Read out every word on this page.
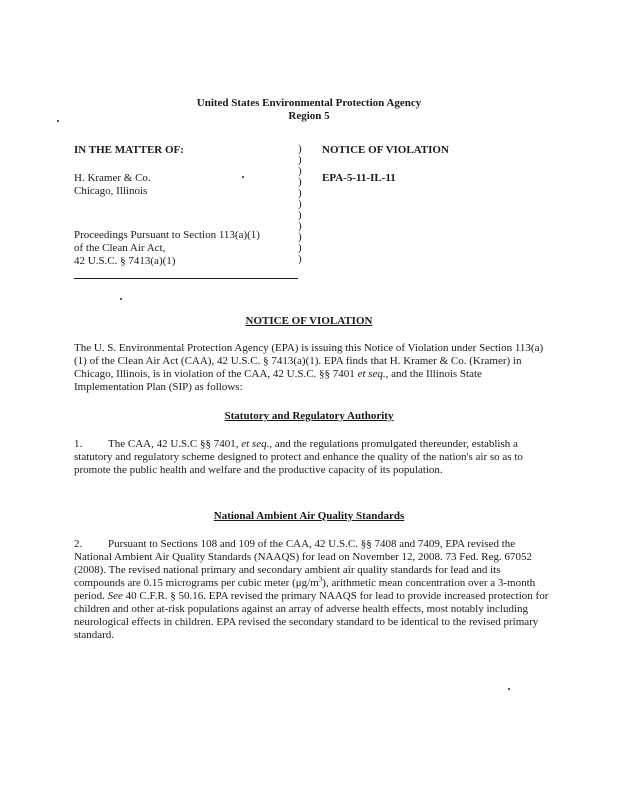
United States Environmental Protection Agency
Region 5
IN THE MATTER OF:
H. Kramer & Co.
Chicago, Illinois
Proceedings Pursuant to Section 113(a)(1)
of the Clean Air Act,
42 U.S.C. § 7413(a)(1)
)
)
)
)
)
)
)
)
)
)
)
NOTICE OF VIOLATION
EPA-5-11-IL-11
NOTICE OF VIOLATION
The U. S. Environmental Protection Agency (EPA) is issuing this Notice of Violation under Section 113(a)(1) of the Clean Air Act (CAA), 42 U.S.C. § 7413(a)(1). EPA finds that H. Kramer & Co. (Kramer) in Chicago, Illinois, is in violation of the CAA, 42 U.S.C. §§ 7401 et seq., and the Illinois State Implementation Plan (SIP) as follows:
Statutory and Regulatory Authority
1. The CAA, 42 U.S.C §§ 7401, et seq., and the regulations promulgated thereunder, establish a statutory and regulatory scheme designed to protect and enhance the quality of the nation's air so as to promote the public health and welfare and the productive capacity of its population.
National Ambient Air Quality Standards
2. Pursuant to Sections 108 and 109 of the CAA, 42 U.S.C. §§ 7408 and 7409, EPA revised the National Ambient Air Quality Standards (NAAQS) for lead on November 12, 2008. 73 Fed. Reg. 67052 (2008). The revised national primary and secondary ambient air quality standards for lead and its compounds are 0.15 micrograms per cubic meter $(\mu g/m^3)$, arithmetic mean concentration over a 3-month period. See 40 C.F.R. § 50.16. EPA revised the primary NAAQS for lead to provide increased protection for children and other at-risk populations against an array of adverse health effects, most notably including neurological effects in children. EPA revised the secondary standard to be identical to the revised primary standard.
